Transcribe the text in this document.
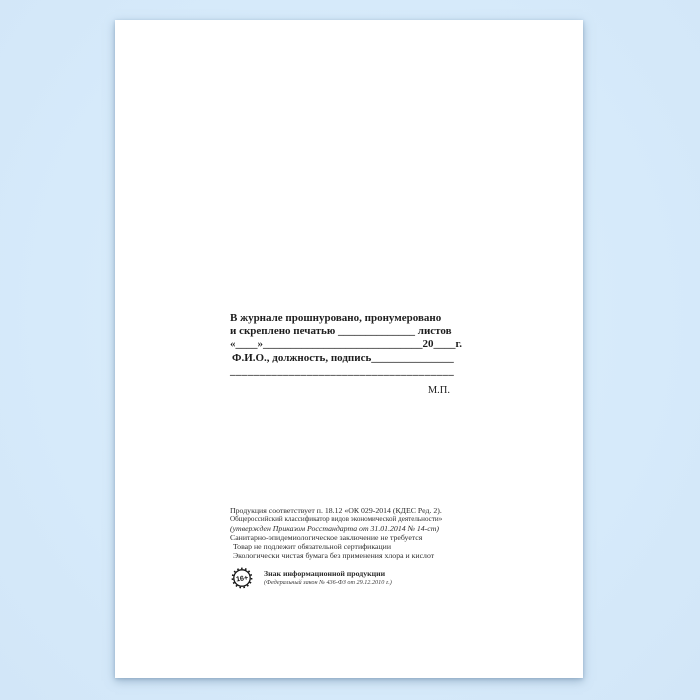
В журнале прошнуровано, пронумеровано
и скреплено печатью ______________ листов
«____»_____________________________20____г.
Ф.И.О., должность, подпись_______________
______________________________________
М.П.

Продукция соответствует п. 18.12 «ОК 029-2014 (КДЕС Ред. 2).

Общероссийский классификатор видов экономической деятельности»

(утвержден Приказом Росстандарта от 31.01.2014 № 14-ст)

Санитарно-эпидемиологическое заключение не требуется

Товар не подлежит обязательной сертификации

Экологически чистая бумага без применения хлора и кислот

16+ Знак информационной продукции
(Федеральный закон № 436-ФЗ от 29.12.2010 г.)
